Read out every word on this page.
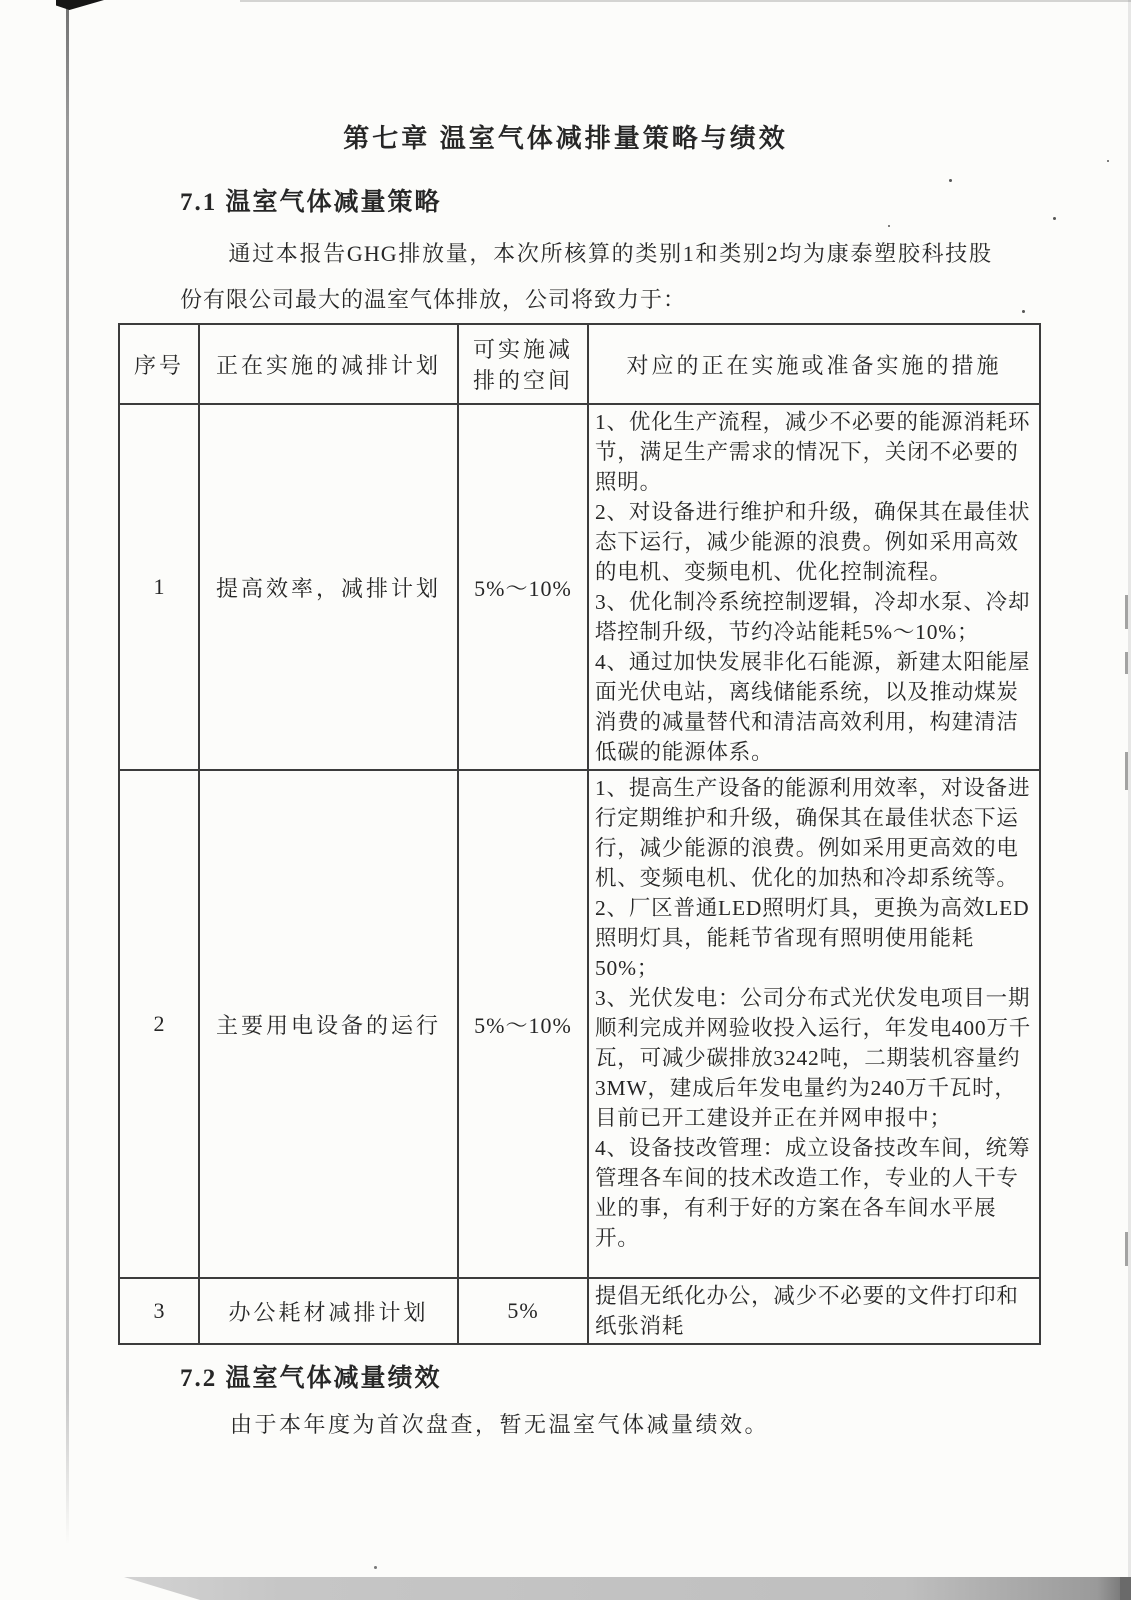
第七章 温室气体减排量策略与绩效
7.1 温室气体减量策略

通过本报告GHG排放量，本次所核算的类别1和类别2均为康泰塑胶科技股份有限公司最大的温室气体排放，公司将致力于：

序号	正在实施的减排计划	可实施减排的空间	对应的正在实施或准备实施的措施
1	提高效率，减排计划	5%～10%	1、优化生产流程，减少不必要的能源消耗环节，满足生产需求的情况下，关闭不必要的照明。

2、对设备进行维护和升级，确保其在最佳状态下运行，减少能源的浪费。例如采用高效的电机、变频电机、优化控制流程。

3、优化制冷系统控制逻辑，冷却水泵、冷却塔控制升级，节约冷站能耗5%～10%；

4、通过加快发展非化石能源，新建太阳能屋面光伏电站，离线储能系统，以及推动煤炭消费的减量替代和清洁高效利用，构建清洁低碳的能源体系。

2	主要用电设备的运行	5%～10%	1、提高生产设备的能源利用效率，对设备进行定期维护和升级，确保其在最佳状态下运行，减少能源的浪费。例如采用更高效的电机、变频电机、优化的加热和冷却系统等。

2、厂区普通LED照明灯具，更换为高效LED照明灯具，能耗节省现有照明使用能耗50%；

3、光伏发电：公司分布式光伏发电项目一期顺利完成并网验收投入运行，年发电400万千瓦，可减少碳排放3242吨，二期装机容量约3MW，建成后年发电量约为240万千瓦时，目前已开工建设并正在并网申报中；

4、设备技改管理：成立设备技改车间，统筹管理各车间的技术改造工作，专业的人干专业的事，有利于好的方案在各车间水平展开。

3	办公耗材减排计划	5%	提倡无纸化办公，减少不必要的文件打印和纸张消耗

7.2 温室气体减量绩效

由于本年度为首次盘查，暂无温室气体减量绩效。
